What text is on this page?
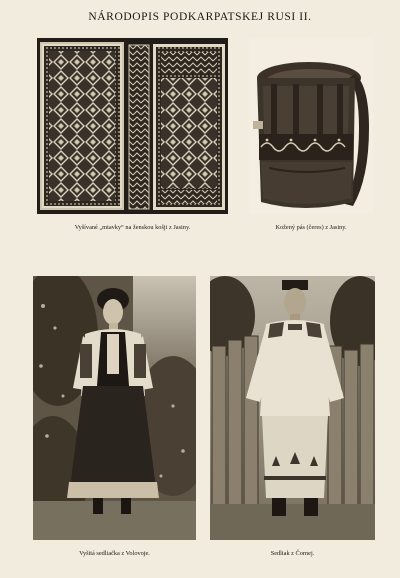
NÁRODOPIS PODKARPATSKEJ RUSI II.
Vyšívané „mtavky“ na ženskou košji z Jasiny.	Kožený pás (čeres) z Jasiny.
Vyšitá sedliačka z Volovoje.	Sedliak z Čornej.
